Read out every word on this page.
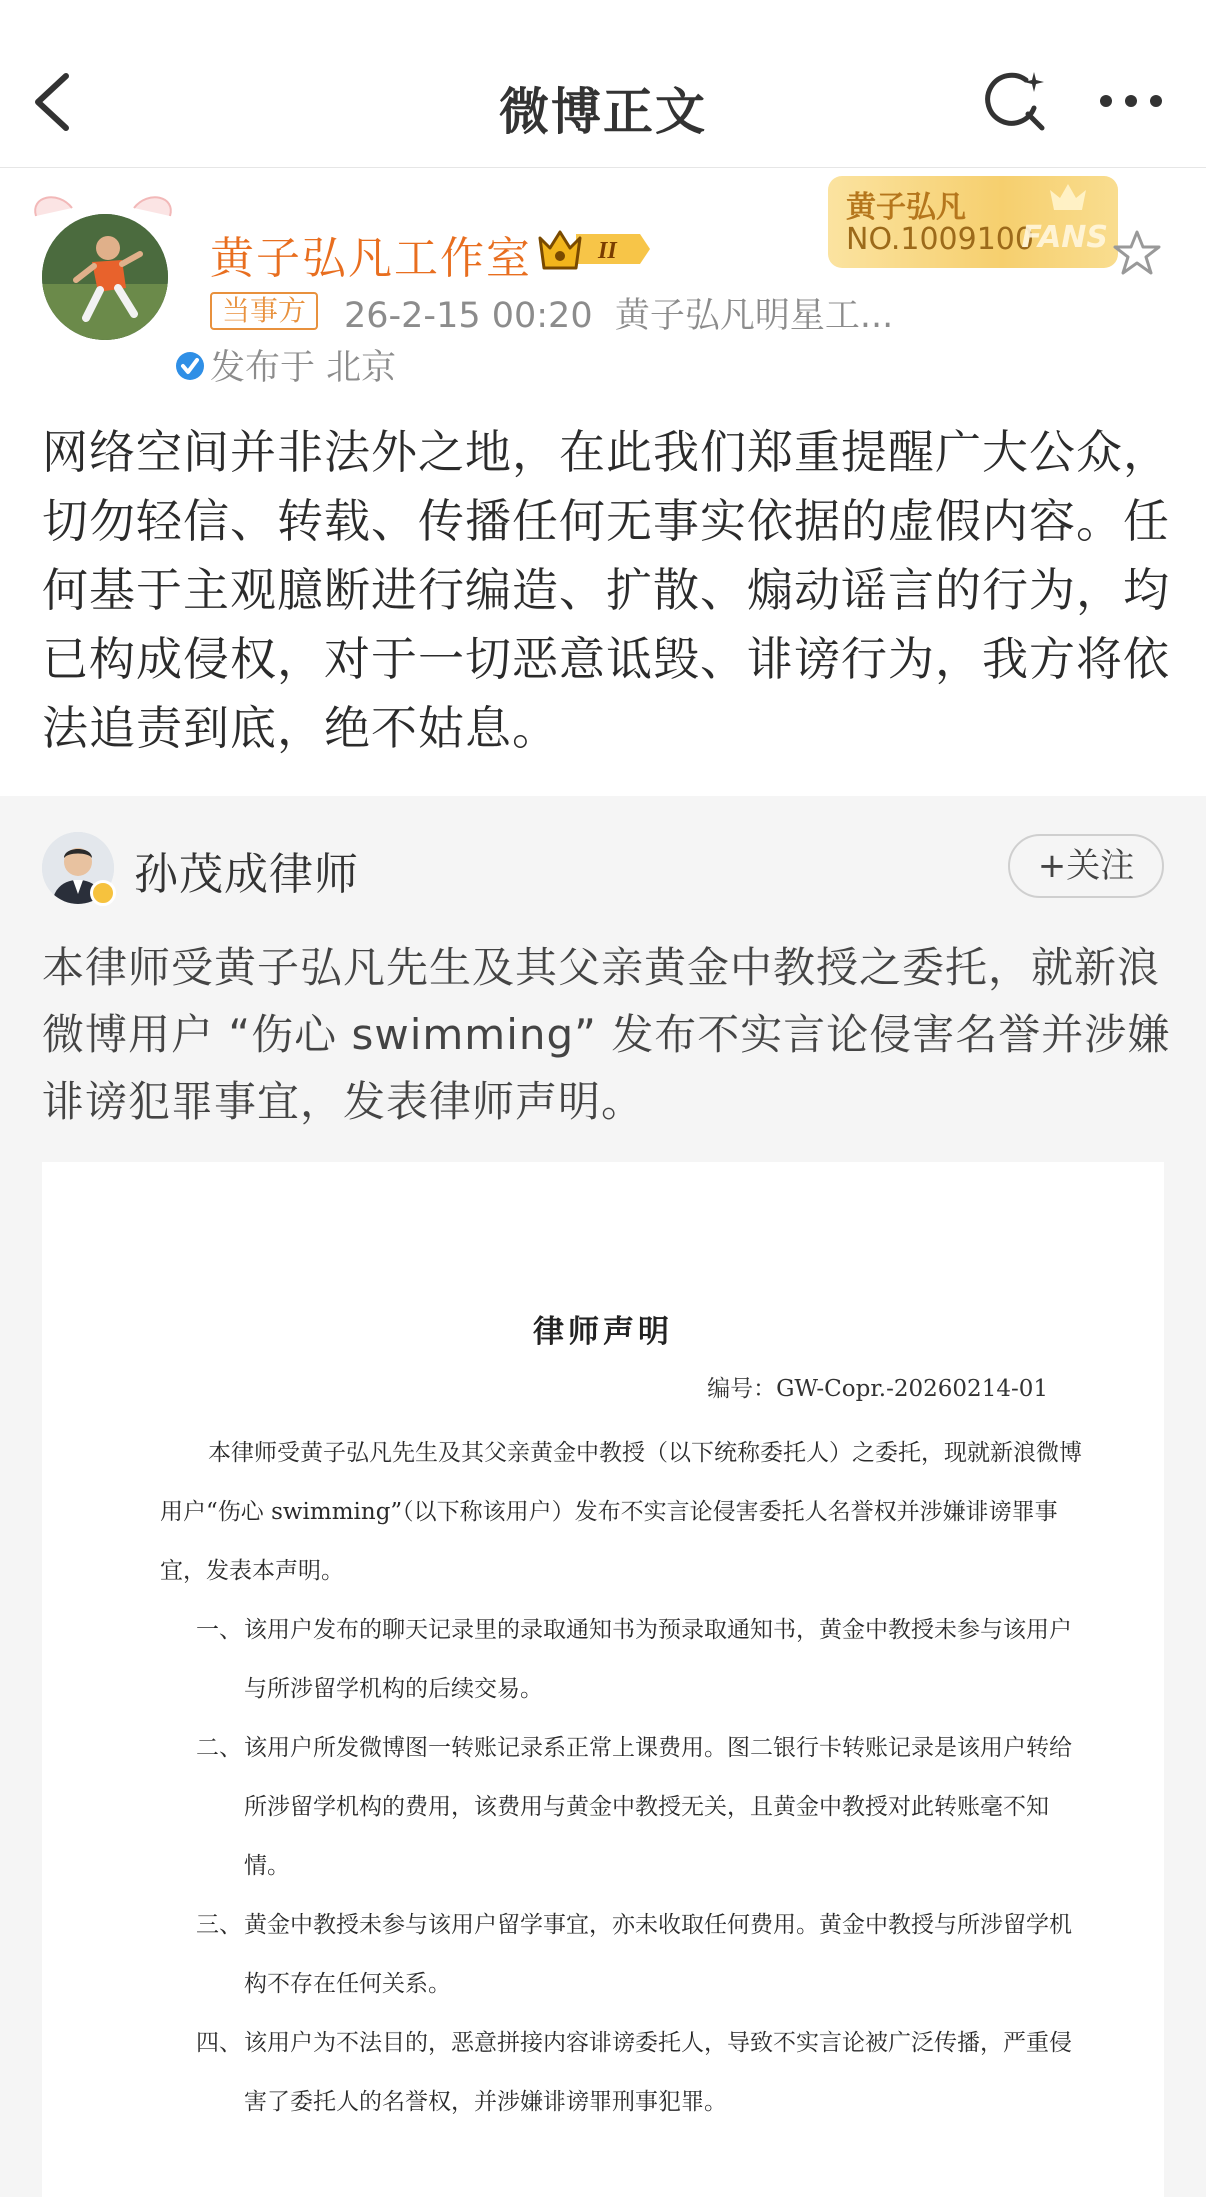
微博正文
黄子弘凡工作室	II
当事方	26-2-15 00:20 黄子弘凡明星工...
发布于 北京
黄子弘凡
NO.1009100
FANS
网络空间并非法外之地，在此我们郑重提醒广大公众，切勿轻信、转载、传播任何无事实依据的虚假内容。任何基于主观臆断进行编造、扩散、煽动谣言的行为，均已构成侵权，对于一切恶意诋毁、诽谤行为，我方将依法追责到底，绝不姑息。
孙茂成律师	+关注
本律师受黄子弘凡先生及其父亲黄金中教授之委托，就新浪微博用户 “伤心 swimming” 发布不实言论侵害名誉并涉嫌诽谤犯罪事宜，发表律师声明。
律师声明
编号：GW-Copr.-20260214-01

本律师受黄子弘凡先生及其父亲黄金中教授（以下统称委托人）之委托，现就新浪微博用户“伤心 swimming”（以下称该用户）发布不实言论侵害委托人名誉权并涉嫌诽谤罪事宜，发表本声明。

一、 该用户发布的聊天记录里的录取通知书为预录取通知书，黄金中教授未参与该用户与所涉留学机构的后续交易。
二、 该用户所发微博图一转账记录系正常上课费用。图二银行卡转账记录是该用户转给所涉留学机构的费用，该费用与黄金中教授无关，且黄金中教授对此转账毫不知情。
三、 黄金中教授未参与该用户留学事宜，亦未收取任何费用。黄金中教授与所涉留学机构不存在任何关系。
四、 该用户为不法目的，恶意拼接内容诽谤委托人，导致不实言论被广泛传播，严重侵害了委托人的名誉权，并涉嫌诽谤罪刑事犯罪。
